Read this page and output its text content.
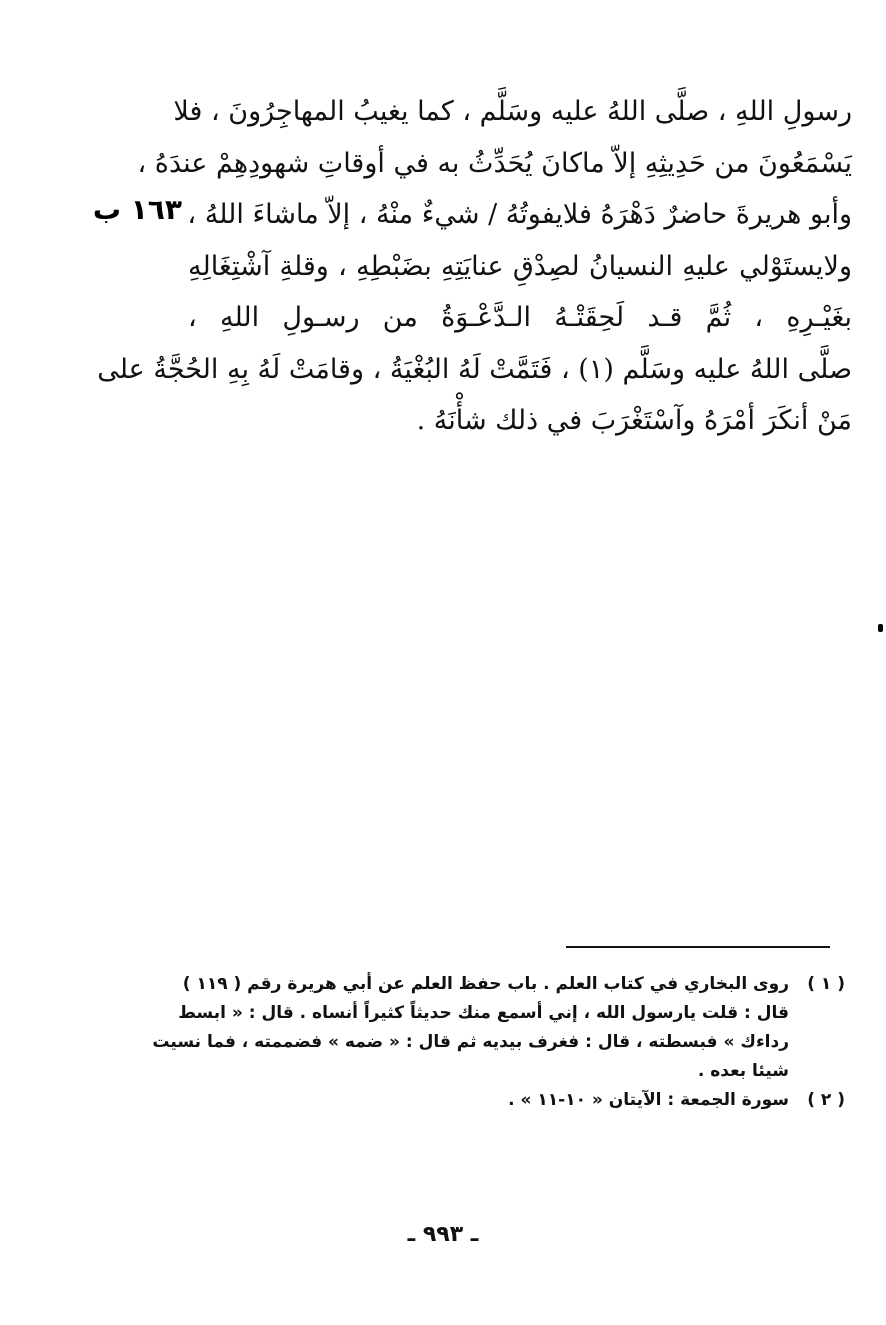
رسولِ اللهِ ، صلَّى اللهُ عليه وسَلَّم ، كما يغيبُ المهاجِرُونَ ، فلا
يَسْمَعُونَ من حَدِيثِهِ إلاّ ماكانَ يُحَدِّثُ به في أوقاتِ شهودِهِمْ عندَهُ ،
وأبو هريرةَ حاضرٌ دَهْرَهُ فلايفوتُهُ / شيءٌ منْهُ ، إلاّ ماشاءَ اللهُ ،
ولايستَوْلي عليهِ النسيانُ لصِدْقِ عنايَتِهِ بضَبْطِهِ ، وقلةِ آشْتِغَالِهِ
بغَيْـرِهِ ، ثُمَّ قـد لَحِقَتْـهُ الـدَّعْـوَةُ من رسـولِ اللهِ ،
صلَّى اللهُ عليه وسَلَّم (١) ، فَتَمَّتْ لَهُ البُغْيَةُ ، وقامَتْ لَهُ بِهِ الحُجَّةُ على
مَنْ أنكَرَ أمْرَهُ وآسْتَغْرَبَ في ذلك شأْنَهُ .
١٦٣ ب
( ١ )
روى البخاري في كتاب العلم . باب حفظ العلم عن أبي هريرة رقم ( ١١٩ )
قال : قلت يارسول الله ، إني أسمع منك حديثاً كثيراً أنساه . قال : « ابسط
رداءك » فبسطته ، قال : فغرف بيديه ثم قال : « ضمه » فضممته ، فما نسيت
شيئا بعده .
( ٢ )
سورة الجمعة : الآيتان « ١٠-١١ » .
ـ ٩٩٣ ـ
